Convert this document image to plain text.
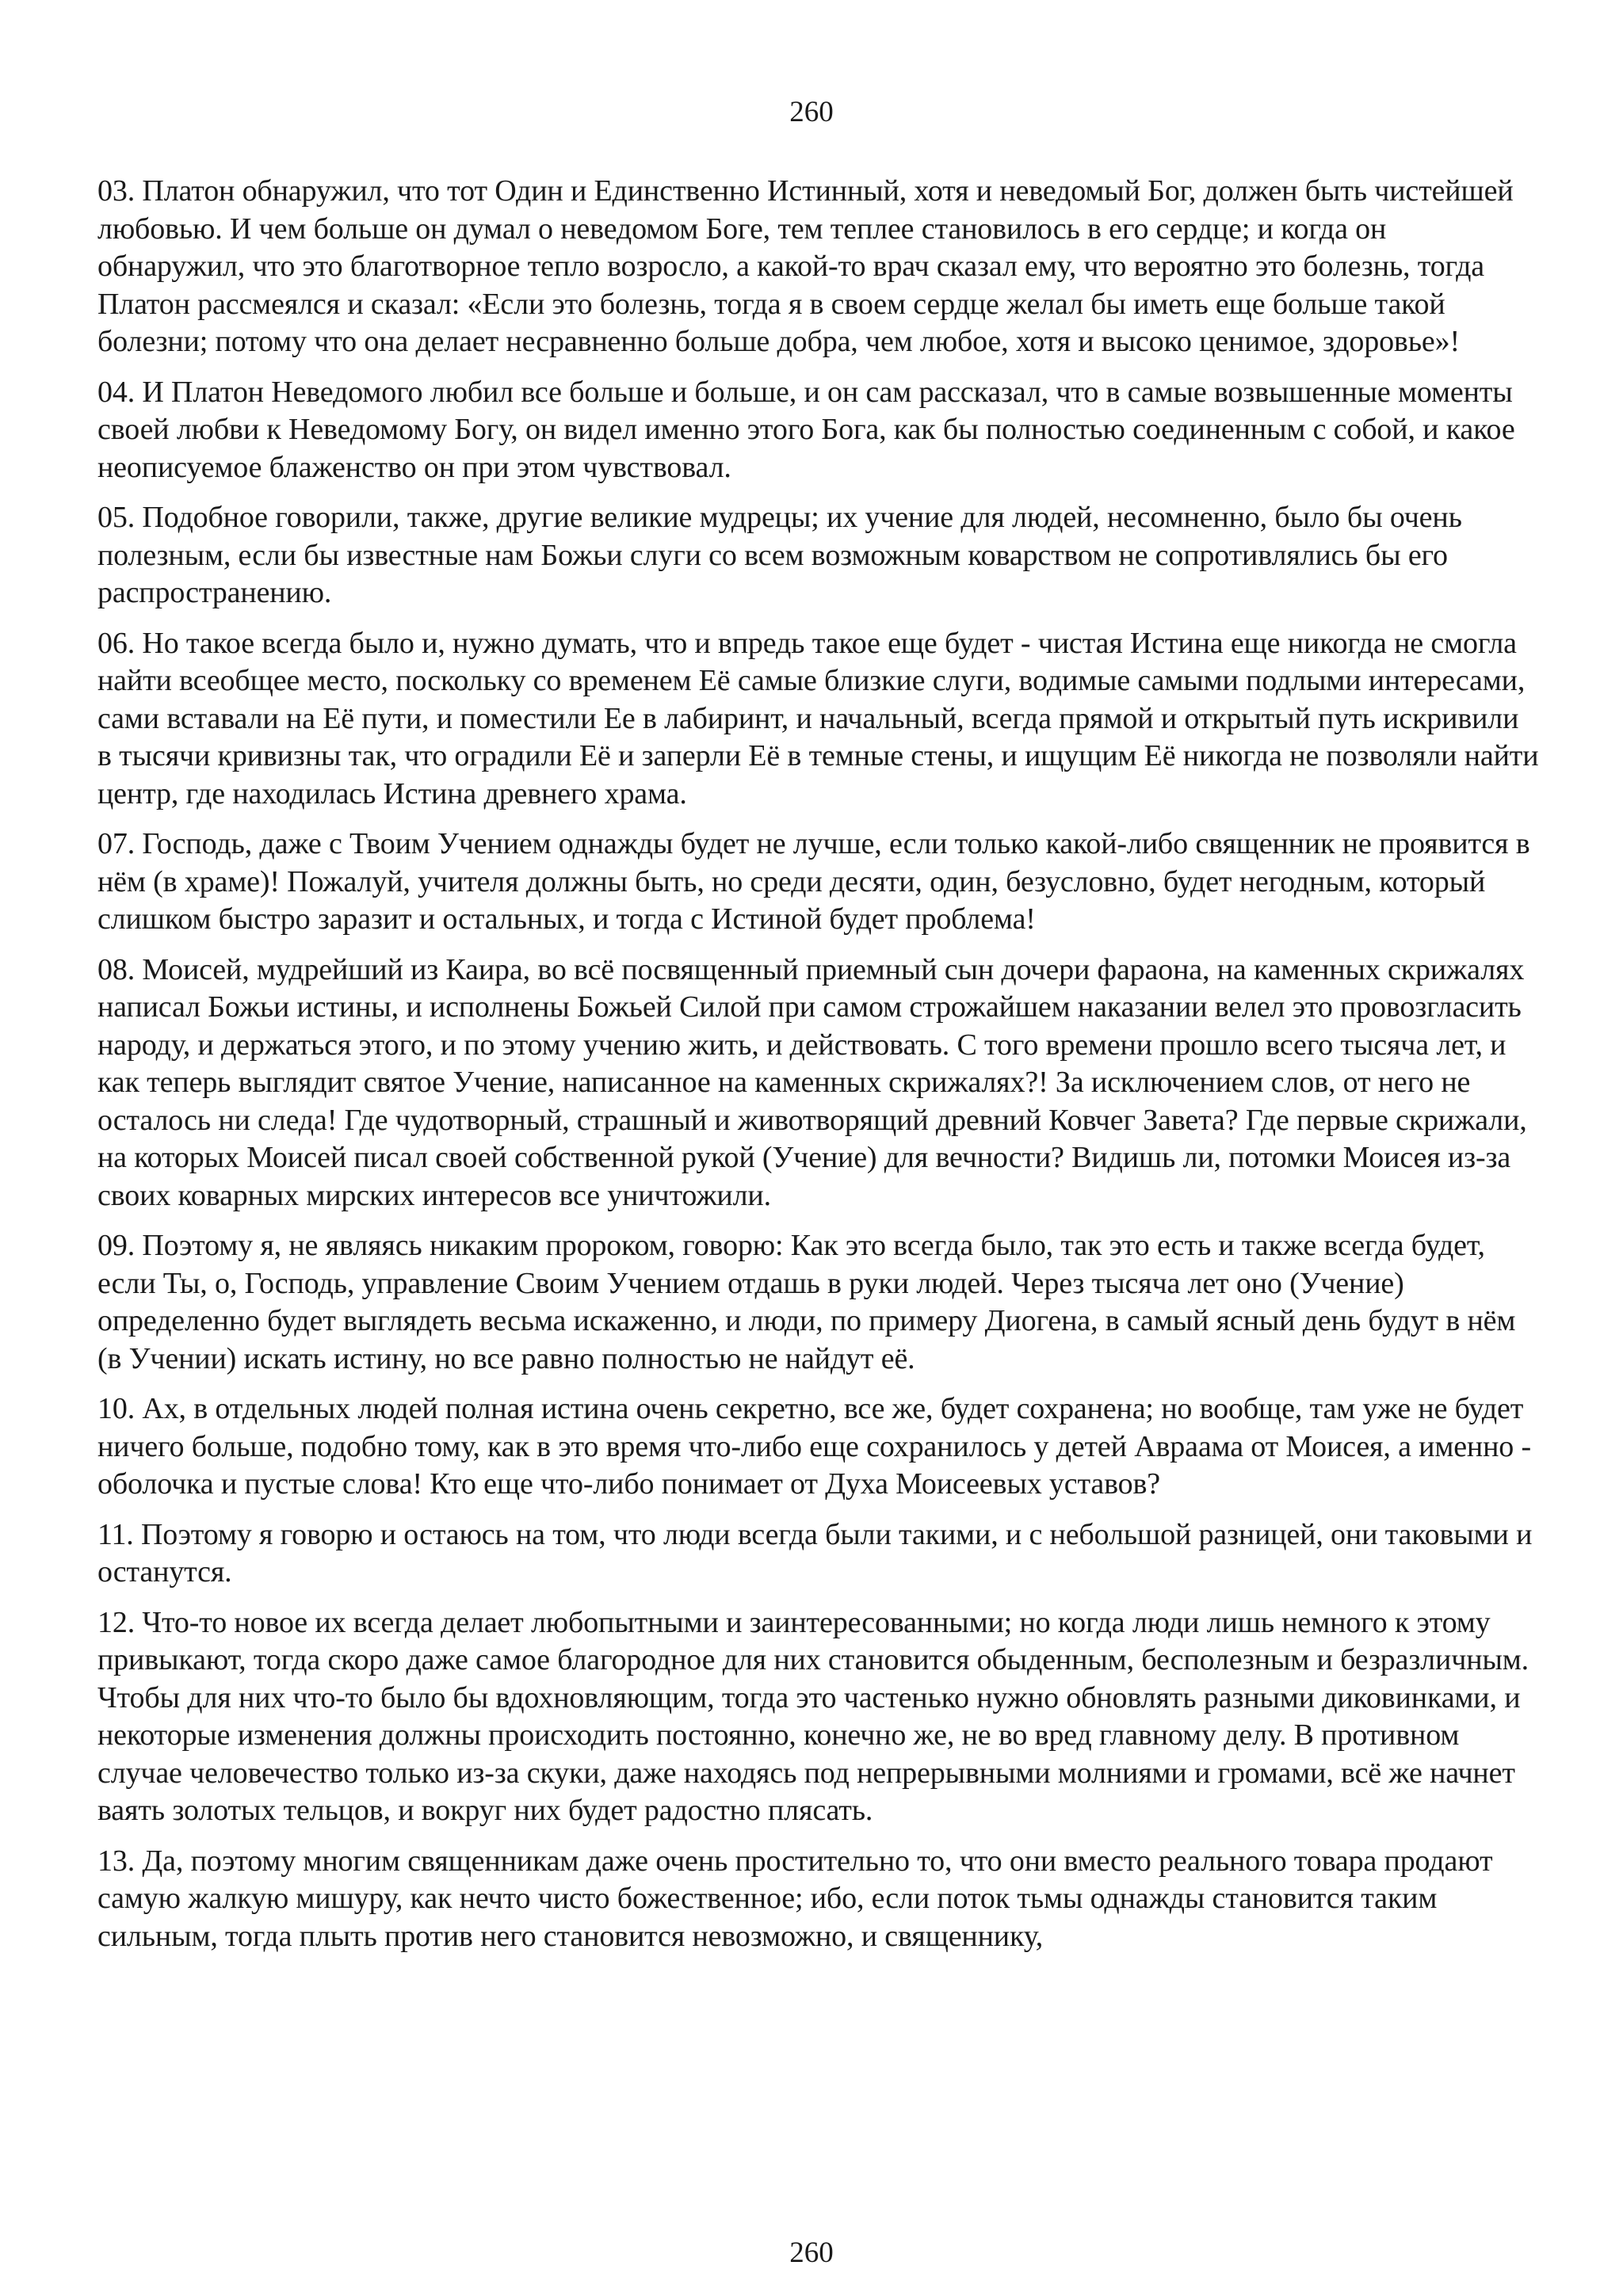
260

03. Платон обнаружил, что тот Один и Единственно Истинный, хотя и неведомый Бог, должен быть чистейшей любовью. И чем больше он думал о неведомом Боге, тем теплее становилось в его сердце; и когда он обнаружил, что это благотворное тепло возросло, а какой-то врач сказал ему, что вероятно это болезнь, тогда Платон рассмеялся и сказал: «Если это болезнь, тогда я в своем сердце желал бы иметь еще больше такой болезни; потому что она делает несравненно больше добра, чем любое, хотя и высоко ценимое, здоровье»!

04. И Платон Неведомого любил все больше и больше, и он сам рассказал, что в самые возвышенные моменты своей любви к Неведомому Богу, он видел именно этого Бога, как бы полностью соединенным с собой, и какое неописуемое блаженство он при этом чувствовал.

05. Подобное говорили, также, другие великие мудрецы; их учение для людей, несомненно, было бы очень полезным, если бы известные нам Божьи слуги со всем возможным коварством не сопротивлялись бы его распространению.

06. Но такое всегда было и, нужно думать, что и впредь такое еще будет - чистая Истина еще никогда не смогла найти всеобщее место, поскольку со временем Её самые близкие слуги, водимые самыми подлыми интересами, сами вставали на Её пути, и поместили Ее в лабиринт, и начальный, всегда прямой и открытый путь искривили в тысячи кривизны так, что оградили Её и заперли Её в темные стены, и ищущим Её никогда не позволяли найти центр, где находилась Истина древнего храма.

07. Господь, даже с Твоим Учением однажды будет не лучше, если только какой-либо священник не проявится в нём (в храме)! Пожалуй, учителя должны быть, но среди десяти, один, безусловно, будет негодным, который слишком быстро заразит и остальных, и тогда с Истиной будет проблема!

08. Моисей, мудрейший из Каира, во всё посвященный приемный сын дочери фараона, на каменных скрижалях написал Божьи истины, и исполнены Божьей Силой при самом строжайшем наказании велел это провозгласить народу, и держаться этого, и по этому учению жить, и действовать. С того времени прошло всего тысяча лет, и как теперь выглядит святое Учение, написанное на каменных скрижалях?! За исключением слов, от него не осталось ни следа! Где чудотворный, страшный и животворящий древний Ковчег Завета? Где первые скрижали, на которых Моисей писал своей собственной рукой (Учение) для вечности? Видишь ли, потомки Моисея из-за своих коварных мирских интересов все уничтожили.

09. Поэтому я, не являясь никаким пророком, говорю: Как это всегда было, так это есть и также всегда будет, если Ты, о, Господь, управление Своим Учением отдашь в руки людей. Через тысяча лет оно (Учение) определенно будет выглядеть весьма искаженно, и люди, по примеру Диогена, в самый ясный день будут в нём (в Учении) искать истину, но все равно полностью не найдут её.

10. Ах, в отдельных людей полная истина очень секретно, все же, будет сохранена; но вообще, там уже не будет ничего больше, подобно тому, как в это время что-либо еще сохранилось у детей Авраама от Моисея, а именно - оболочка и пустые слова! Кто еще что-либо понимает от Духа Моисеевых уставов?

11. Поэтому я говорю и остаюсь на том, что люди всегда были такими, и с небольшой разницей, они таковыми и останутся.

12. Что-то новое их всегда делает любопытными и заинтересованными; но когда люди лишь немного к этому привыкают, тогда скоро даже самое благородное для них становится обыденным, бесполезным и безразличным. Чтобы для них что-то было бы вдохновляющим, тогда это частенько нужно обновлять разными диковинками, и некоторые изменения должны происходить постоянно, конечно же, не во вред главному делу. В противном случае человечество только из-за скуки, даже находясь под непрерывными молниями и громами, всё же начнет ваять золотых тельцов, и вокруг них будет радостно плясать.

13. Да, поэтому многим священникам даже очень простительно то, что они вместо реального товара продают самую жалкую мишуру, как нечто чисто божественное; ибо, если поток тьмы однажды становится таким сильным, тогда плыть против него становится невозможно, и священнику,

260
